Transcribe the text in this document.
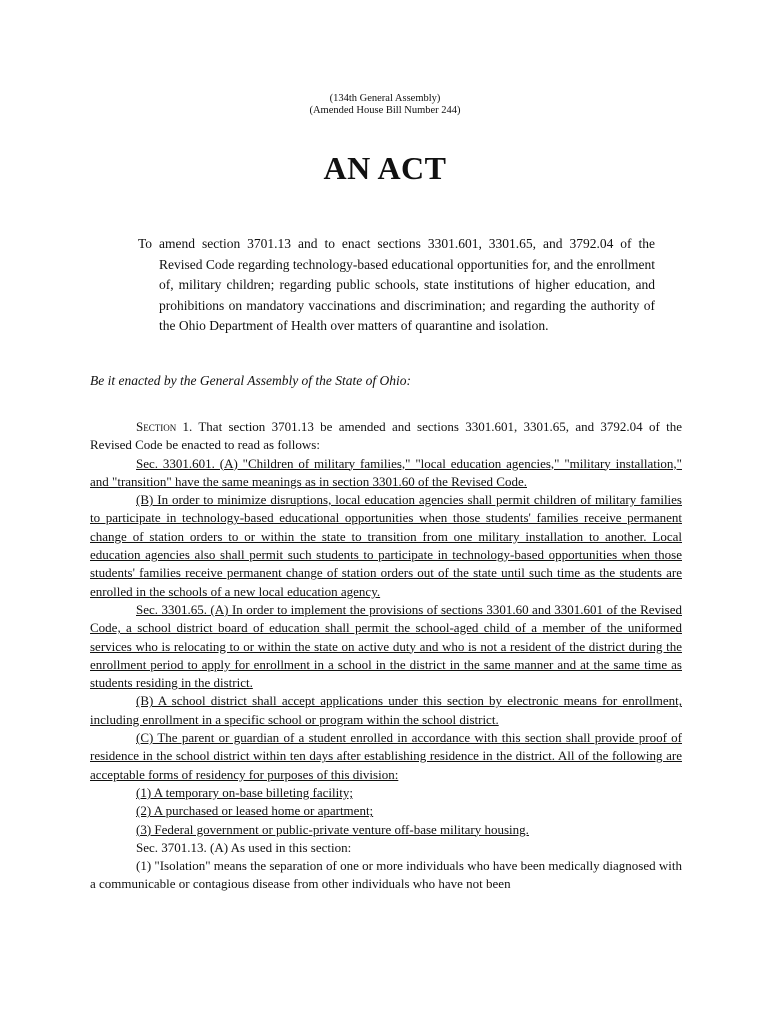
(134th General Assembly)
(Amended House Bill Number 244)
AN ACT
To amend section 3701.13 and to enact sections 3301.601, 3301.65, and 3792.04 of the Revised Code regarding technology-based educational opportunities for, and the enrollment of, military children; regarding public schools, state institutions of higher education, and prohibitions on mandatory vaccinations and discrimination; and regarding the authority of the Ohio Department of Health over matters of quarantine and isolation.
Be it enacted by the General Assembly of the State of Ohio:

Section 1. That section 3701.13 be amended and sections 3301.601, 3301.65, and 3792.04 of the Revised Code be enacted to read as follows:

Sec. 3301.601. (A) "Children of military families," "local education agencies," "military installation," and "transition" have the same meanings as in section 3301.60 of the Revised Code.

(B) In order to minimize disruptions, local education agencies shall permit children of military families to participate in technology-based educational opportunities when those students' families receive permanent change of station orders to or within the state to transition from one military installation to another. Local education agencies also shall permit such students to participate in technology-based opportunities when those students' families receive permanent change of station orders out of the state until such time as the students are enrolled in the schools of a new local education agency.

Sec. 3301.65. (A) In order to implement the provisions of sections 3301.60 and 3301.601 of the Revised Code, a school district board of education shall permit the school-aged child of a member of the uniformed services who is relocating to or within the state on active duty and who is not a resident of the district during the enrollment period to apply for enrollment in a school in the district in the same manner and at the same time as students residing in the district.

(B) A school district shall accept applications under this section by electronic means for enrollment, including enrollment in a specific school or program within the school district.

(C) The parent or guardian of a student enrolled in accordance with this section shall provide proof of residence in the school district within ten days after establishing residence in the district. All of the following are acceptable forms of residency for purposes of this division:

(1) A temporary on-base billeting facility;

(2) A purchased or leased home or apartment;

(3) Federal government or public-private venture off-base military housing.

Sec. 3701.13. (A) As used in this section:

(1) "Isolation" means the separation of one or more individuals who have been medically diagnosed with a communicable or contagious disease from other individuals who have not been
